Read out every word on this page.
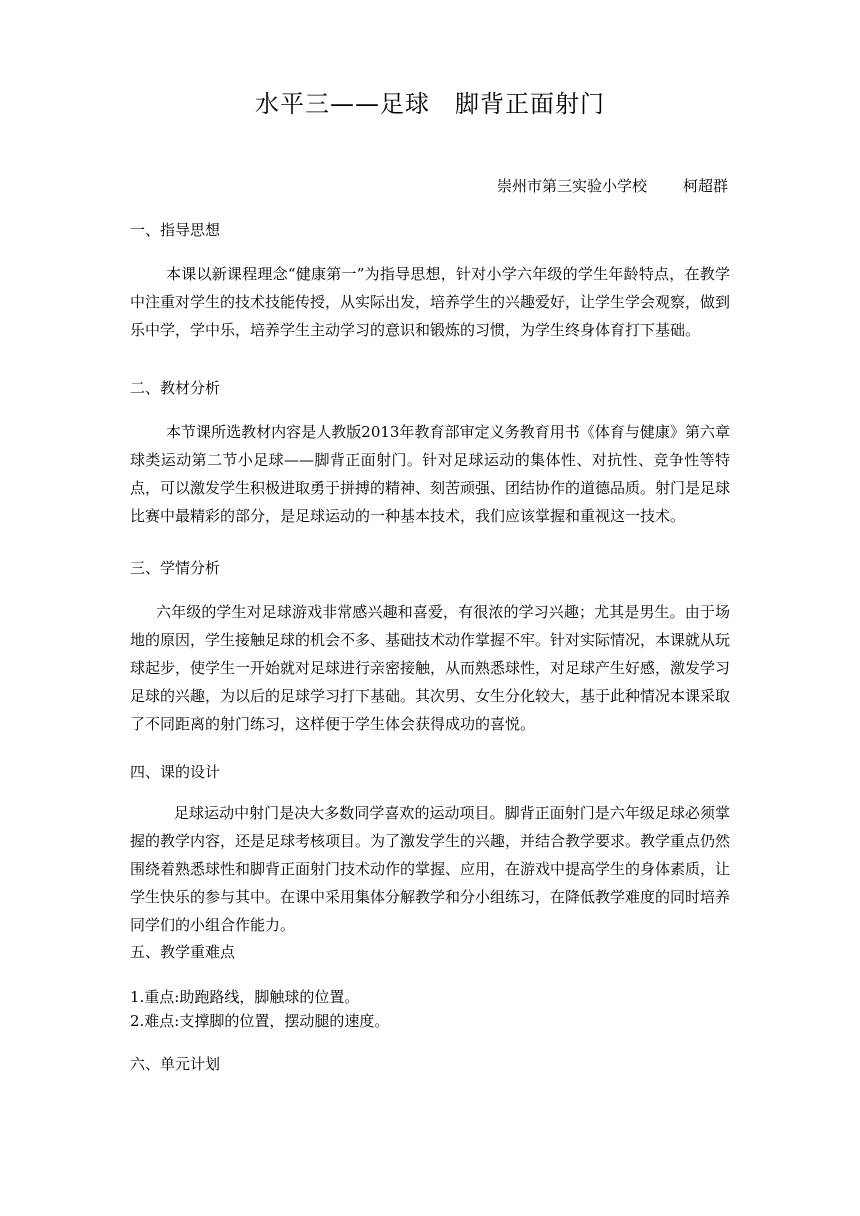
水平三——足球　脚背正面射门
崇州市第三实验小学校 柯超群
一、指导思想
本课以新课程理念“健康第一”为指导思想，针对小学六年级的学生年龄特点，在教学中注重对学生的技术技能传授，从实际出发，培养学生的兴趣爱好，让学生学会观察，做到乐中学，学中乐，培养学生主动学习的意识和锻炼的习惯，为学生终身体育打下基础。
二、教材分析
本节课所选教材内容是人教版2013年教育部审定义务教育用书《体育与健康》第六章球类运动第二节小足球——脚背正面射门。针对足球运动的集体性、对抗性、竞争性等特点，可以激发学生积极进取勇于拼搏的精神、刻苦顽强、团结协作的道德品质。射门是足球比赛中最精彩的部分，是足球运动的一种基本技术，我们应该掌握和重视这一技术。
三、学情分析
六年级的学生对足球游戏非常感兴趣和喜爱，有很浓的学习兴趣；尤其是男生。由于场地的原因，学生接触足球的机会不多、基础技术动作掌握不牢。针对实际情况，本课就从玩球起步，使学生一开始就对足球进行亲密接触，从而熟悉球性，对足球产生好感，激发学习足球的兴趣，为以后的足球学习打下基础。其次男、女生分化较大，基于此种情况本课采取了不同距离的射门练习，这样便于学生体会获得成功的喜悦。
四、课的设计
足球运动中射门是决大多数同学喜欢的运动项目。脚背正面射门是六年级足球必须掌握的教学内容，还是足球考核项目。为了激发学生的兴趣，并结合教学要求。教学重点仍然围绕着熟悉球性和脚背正面射门技术动作的掌握、应用，在游戏中提高学生的身体素质，让学生快乐的参与其中。在课中采用集体分解教学和分小组练习，在降低教学难度的同时培养同学们的小组合作能力。
五、教学重难点
1.重点:助跑路线，脚触球的位置。
2.难点:支撑脚的位置，摆动腿的速度。
六、单元计划
